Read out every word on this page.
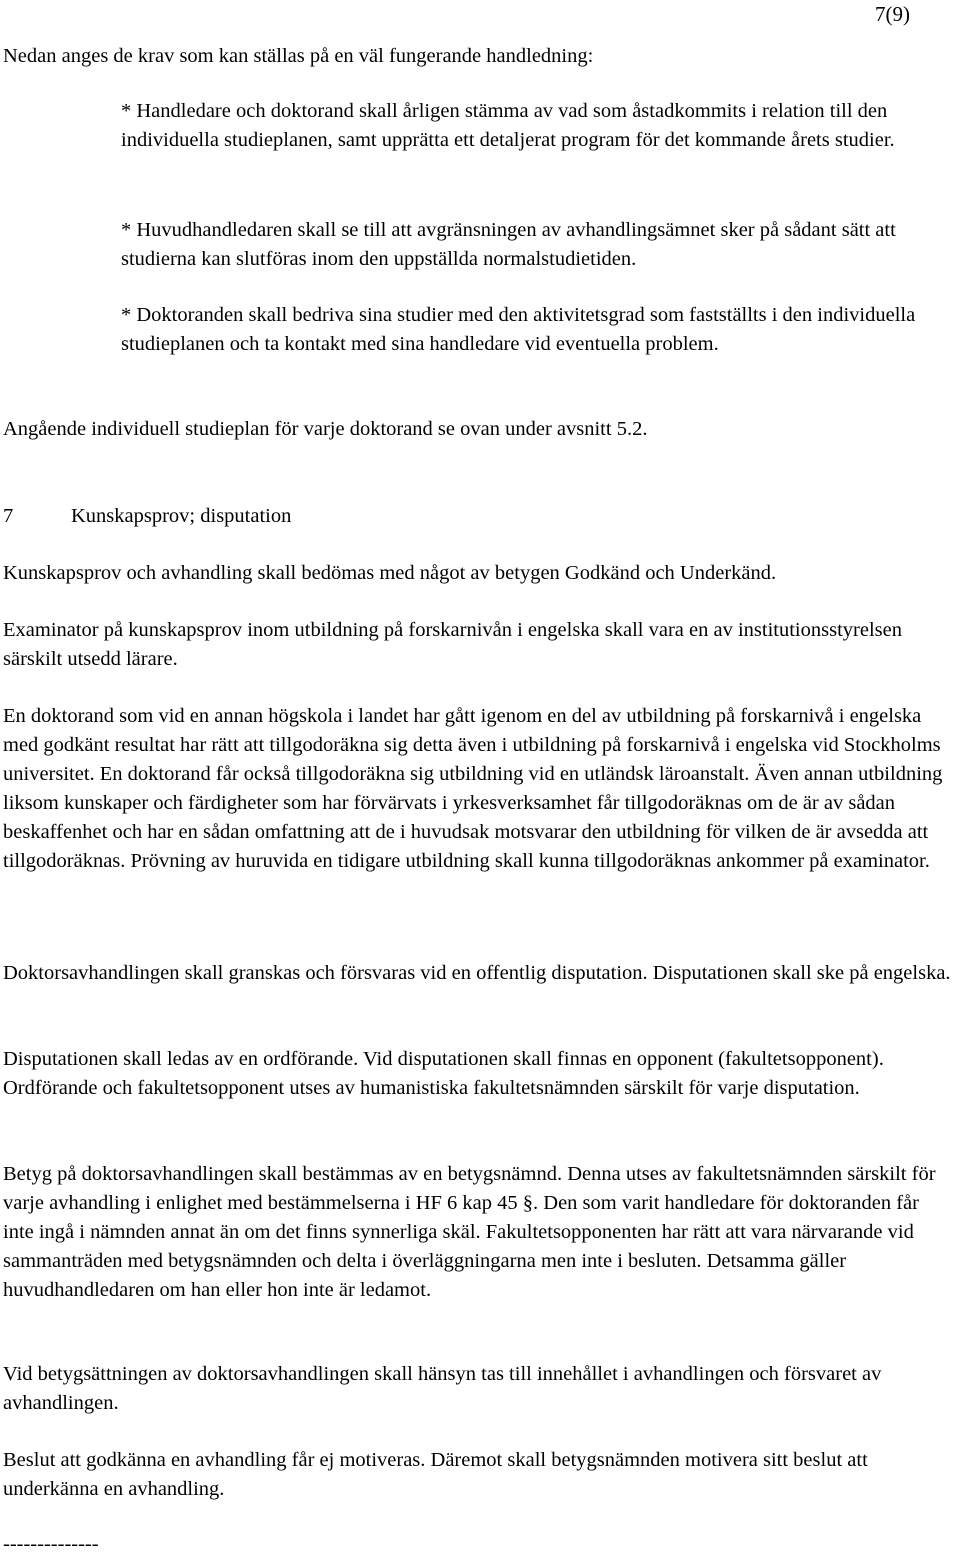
7(9)

Nedan anges de krav som kan ställas på en väl fungerande handledning:

* Handledare och doktorand skall årligen stämma av vad som åstadkommits i relation till den individuella studieplanen, samt upprätta ett detaljerat program för det kommande årets studier.

* Huvudhandledaren skall se till att avgränsningen av avhandlingsämnet sker på sådant sätt att studierna kan slutföras inom den uppställda normalstudietiden.

* Doktoranden skall bedriva sina studier med den aktivitetsgrad som fastställts i den individuella studieplanen och ta kontakt med sina handledare vid eventuella problem.

Angående individuell studieplan för varje doktorand se ovan under avsnitt 5.2.

7	Kunskapsprov; disputation

Kunskapsprov och avhandling skall bedömas med något av betygen Godkänd och Underkänd.

Examinator på kunskapsprov inom utbildning på forskarnivån i engelska skall vara en av institutionsstyrelsen särskilt utsedd lärare.

En doktorand som vid en annan högskola i landet har gått igenom en del av utbildning på forskarnivå i engelska med godkänt resultat har rätt att tillgodoräkna sig detta även i utbildning på forskarnivå i engelska vid Stockholms universitet. En doktorand får också tillgodoräkna sig utbildning vid en utländsk läroanstalt. Även annan utbildning liksom kunskaper och färdigheter som har förvärvats i yrkesverksamhet får tillgodoräknas om de är av sådan beskaffenhet och har en sådan omfattning att de i huvudsak motsvarar den utbildning för vilken de är avsedda att tillgodoräknas. Prövning av huruvida en tidigare utbildning skall kunna tillgodoräknas ankommer på examinator.

Doktorsavhandlingen skall granskas och försvaras vid en offentlig disputation. Disputationen skall ske på engelska.

Disputationen skall ledas av en ordförande. Vid disputationen skall finnas en opponent (fakultetsopponent). Ordförande och fakultetsopponent utses av humanistiska fakultetsnämnden särskilt för varje disputation.

Betyg på doktorsavhandlingen skall bestämmas av en betygsnämnd. Denna utses av fakultetsnämnden särskilt för varje avhandling i enlighet med bestämmelserna i HF 6 kap 45 §. Den som varit handledare för doktoranden får inte ingå i nämnden annat än om det finns synnerliga skäl. Fakultetsopponenten har rätt att vara närvarande vid sammanträden med betygsnämnden och delta i överläggningarna men inte i besluten. Detsamma gäller huvudhandledaren om han eller hon inte är ledamot.

Vid betygsättningen av doktorsavhandlingen skall hänsyn tas till innehållet i avhandlingen och försvaret av avhandlingen.

Beslut att godkänna en avhandling får ej motiveras. Däremot skall betygsnämnden motivera sitt beslut att underkänna en avhandling.

--------------
